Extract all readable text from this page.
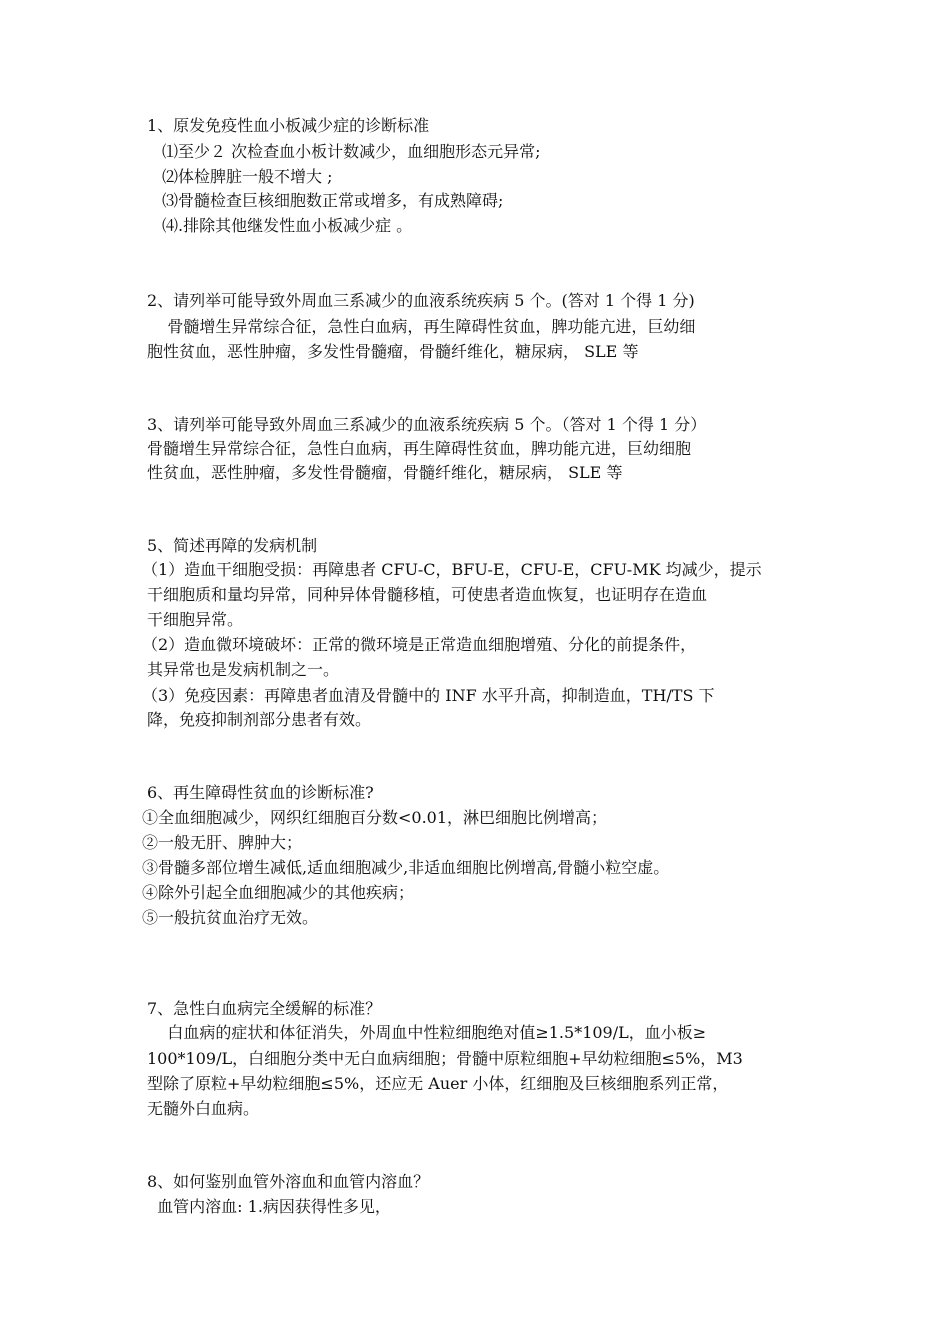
1、原发免疫性血小板减少症的诊断标准
⑴至少２ 次检查血小板计数减少，血细胞形态元异常;
⑵体检脾脏一般不增大 ;
⑶骨髓检查巨核细胞数正常或增多，有成熟障碍;
⑷.排除其他继发性血小板减少症 。
2、请列举可能导致外周血三系减少的血液系统疾病 5 个。(答对 1 个得 1 分)
骨髓增生异常综合征，急性白血病，再生障碍性贫血，脾功能亢进，巨幼细
胞性贫血，恶性肿瘤，多发性骨髓瘤，骨髓纤维化，糖尿病， SLE 等
3、请列举可能导致外周血三系减少的血液系统疾病 5 个。（答对 1 个得 1 分）
骨髓增生异常综合征，急性白血病，再生障碍性贫血，脾功能亢进，巨幼细胞
性贫血，恶性肿瘤，多发性骨髓瘤，骨髓纤维化，糖尿病， SLE 等
5、简述再障的发病机制
（1）造血干细胞受损：再障患者 CFU-C，BFU-E，CFU-E，CFU-MK 均减少，提示
干细胞质和量均异常，同种异体骨髓移植，可使患者造血恢复，也证明存在造血
干细胞异常。
（2）造血微环境破坏：正常的微环境是正常造血细胞增殖、分化的前提条件，
其异常也是发病机制之一。
（3）免疫因素：再障患者血清及骨髓中的 INF 水平升高，抑制造血，TH/TS 下
降，免疫抑制剂部分患者有效。
6、再生障碍性贫血的诊断标准?
①全血细胞减少，网织红细胞百分数<0.01，淋巴细胞比例增高；
②一般无肝、脾肿大；
③骨髓多部位增生减低,适血细胞减少,非适血细胞比例增高,骨髓小粒空虚。
④除外引起全血细胞减少的其他疾病；
⑤一般抗贫血治疗无效。
7、急性白血病完全缓解的标准？
白血病的症状和体征消失，外周血中性粒细胞绝对值≥1.5*109/L，血小板≥
100*109/L，白细胞分类中无白血病细胞；骨髓中原粒细胞+早幼粒细胞≤5%，M3
型除了原粒+早幼粒细胞≤5%，还应无 Auer 小体，红细胞及巨核细胞系列正常，
无髓外白血病。
8、如何鉴别血管外溶血和血管内溶血？
血管内溶血: 1.病因获得性多见，
